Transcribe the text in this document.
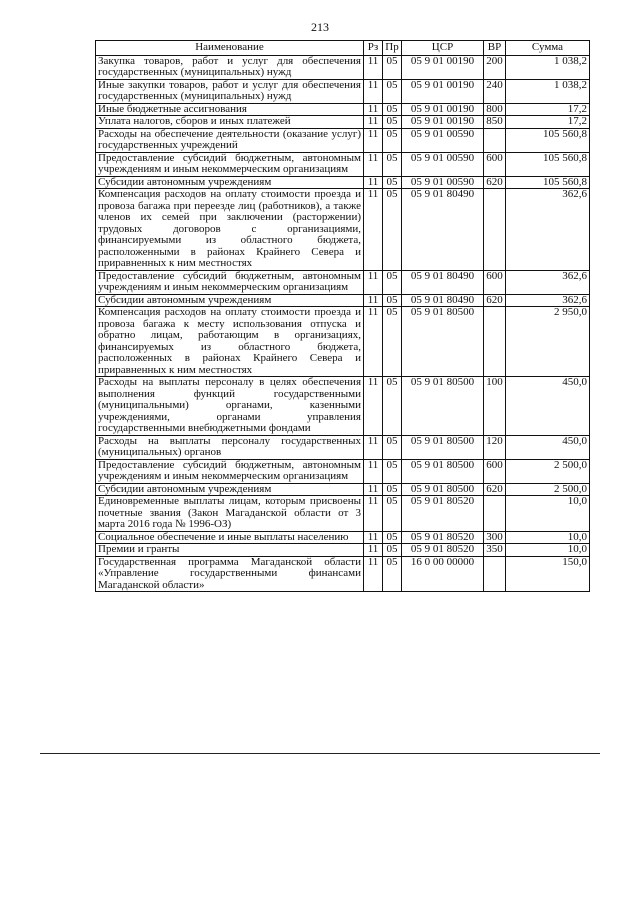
213
Наименование	Рз	Пр	ЦСР	ВР	Сумма
Закупка товаров, работ и услуг для обеспечения государственных (муниципальных) нужд	11	05	05 9 01 00190	200	1 038,2
Иные закупки товаров, работ и услуг для обеспечения государственных (муниципальных) нужд	11	05	05 9 01 00190	240	1 038,2
Иные бюджетные ассигнования	11	05	05 9 01 00190	800	17,2
Уплата налогов, сборов и иных платежей	11	05	05 9 01 00190	850	17,2
Расходы на обеспечение деятельности (оказание услуг) государственных учреждений	11	05	05 9 01 00590		105 560,8
Предоставление субсидий бюджетным, автономным учреждениям и иным некоммерческим организациям	11	05	05 9 01 00590	600	105 560,8
Субсидии автономным учреждениям	11	05	05 9 01 00590	620	105 560,8
Компенсация расходов на оплату стоимости проезда и провоза багажа при переезде лиц (работников), а также членов их семей при заключении (расторжении) трудовых договоров с организациями, финансируемыми из областного бюджета, расположенными в районах Крайнего Севера и приравненных к ним местностях	11	05	05 9 01 80490		362,6
Предоставление субсидий бюджетным, автономным учреждениям и иным некоммерческим организациям	11	05	05 9 01 80490	600	362,6
Субсидии автономным учреждениям	11	05	05 9 01 80490	620	362,6
Компенсация расходов на оплату стоимости проезда и провоза багажа к месту использования отпуска и обратно лицам, работающим в организациях, финансируемых из областного бюджета, расположенных в районах Крайнего Севера и приравненных к ним местностях	11	05	05 9 01 80500		2 950,0
Расходы на выплаты персоналу в целях обеспечения выполнения функций государственными (муниципальными) органами, казенными учреждениями, органами управления государственными внебюджетными фондами	11	05	05 9 01 80500	100	450,0
Расходы на выплаты персоналу государственных (муниципальных) органов	11	05	05 9 01 80500	120	450,0
Предоставление субсидий бюджетным, автономным учреждениям и иным некоммерческим организациям	11	05	05 9 01 80500	600	2 500,0
Субсидии автономным учреждениям	11	05	05 9 01 80500	620	2 500,0
Единовременные выплаты лицам, которым присвоены почетные звания (Закон Магаданской области от 3 марта 2016 года № 1996-ОЗ)	11	05	05 9 01 80520		10,0
Социальное обеспечение и иные выплаты населению	11	05	05 9 01 80520	300	10,0
Премии и гранты	11	05	05 9 01 80520	350	10,0
Государственная программа Магаданской области «Управление государственными финансами Магаданской области»	11	05	16 0 00 00000		150,0
